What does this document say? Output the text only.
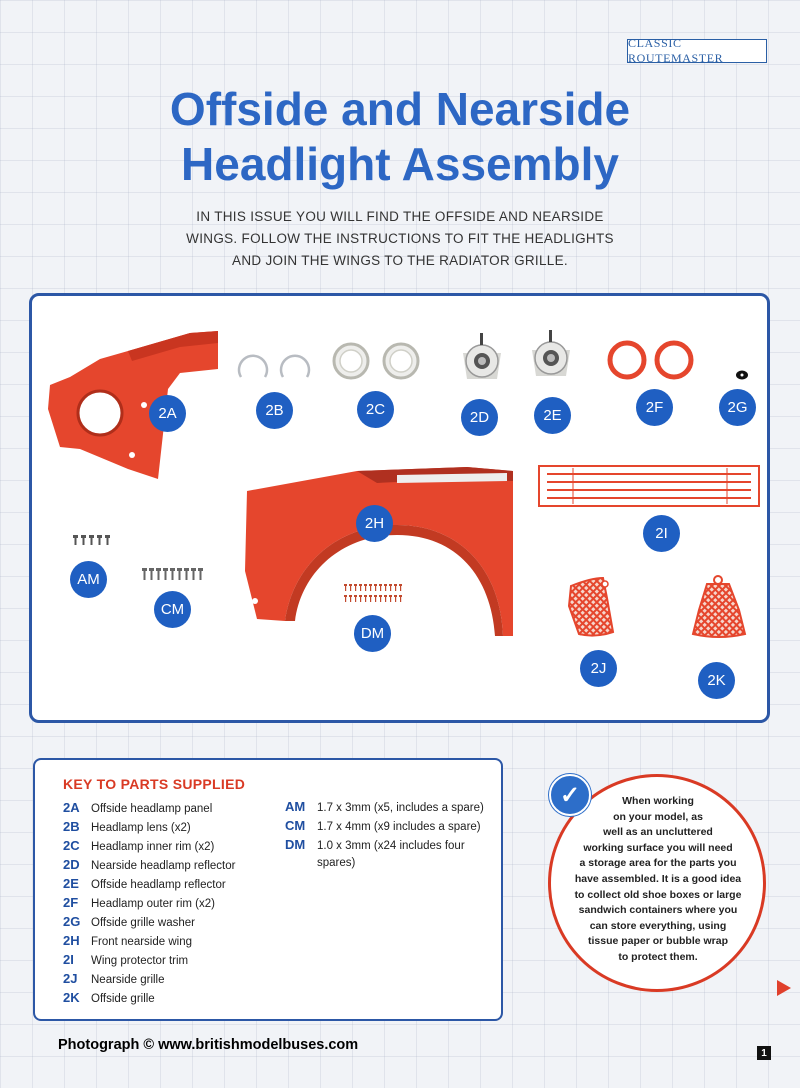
CLASSIC ROUTEMASTER
Offside and Nearside
Headlight Assembly
IN THIS ISSUE YOU WILL FIND THE OFFSIDE AND NEARSIDE
WINGS. FOLLOW THE INSTRUCTIONS TO FIT THE HEADLIGHTS
AND JOIN THE WINGS TO THE RADIATOR GRILLE.
2A	2B	2C	2D	2E	2F	2G
2H
2I
AM
CM
DM
2J
2K
KEY TO PARTS SUPPLIED
2A Offside headlamp panel
2B Headlamp lens (x2)
2C Headlamp inner rim (x2)
2D Nearside headlamp reflector
2E	Offside headlamp reflector
2F	Headlamp outer rim (x2)
2G Offside grille washer
2H Front nearside wing
2I	Wing protector trim
2J	Nearside grille
2K Offside grille
AM	1.7 x 3mm (x5, includes a spare)
CM	1.7 x 4mm (x9 includes a spare)
DM	1.0 x 3mm (x24 includes four
spares)
When working
on your model, as
well as an uncluttered
working surface you will need
a storage area for the parts you
have assembled. It is a good idea
to collect old shoe boxes or large
sandwich containers where you
can store everything, using
tissue paper or bubble wrap
to protect them.
✓
Photograph © www.britishmodelbuses.com	1
